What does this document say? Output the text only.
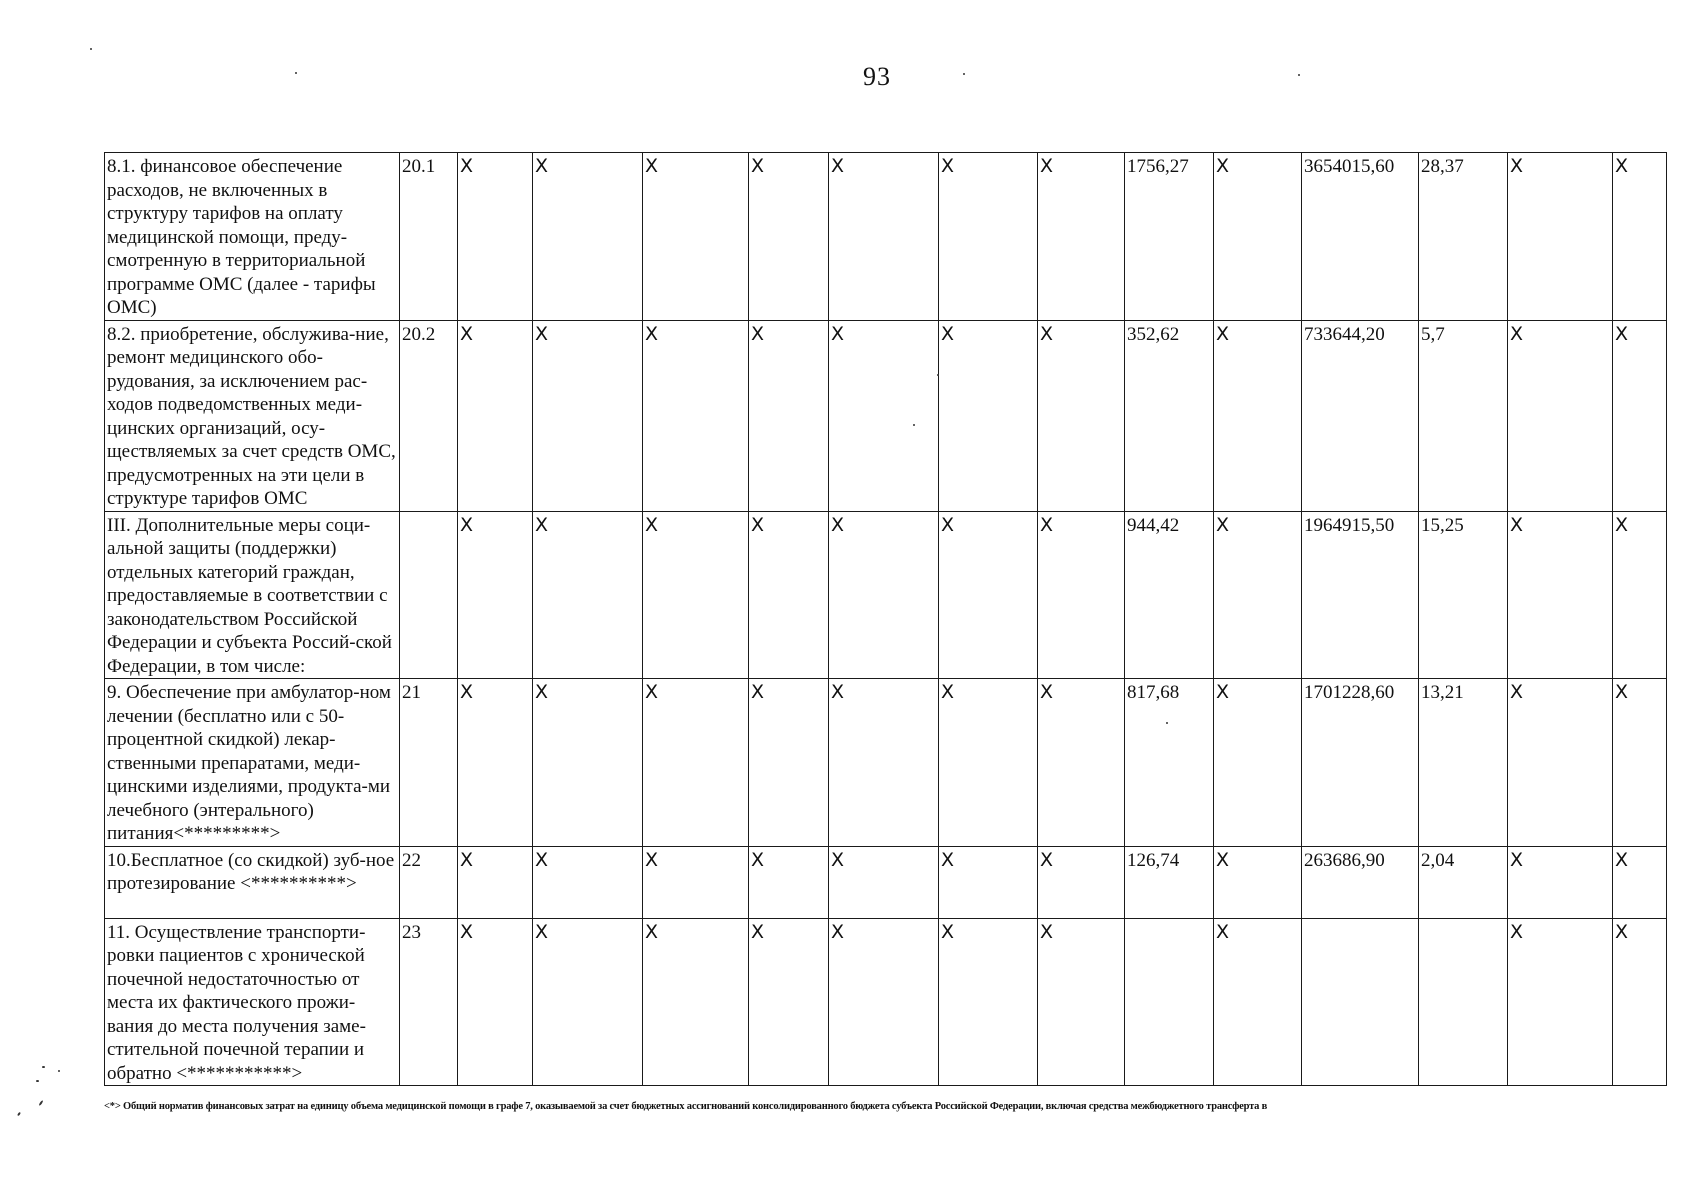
93
8.1. финансовое обеспечение расходов, не включенных в структуру тарифов на оплату медицинской помощи, преду-смотренную в территориальной программе ОМС (далее - тарифы ОМС)	20.1	X	X	X	X	X	X	X	1756,27	X	3654015,60	28,37	X	X
8.2. приобретение, обслужива-ние, ремонт медицинского обо-рудования, за исключением рас-ходов подведомственных меди-цинских организаций, осу-ществляемых за счет средств ОМС, предусмотренных на эти цели в структуре тарифов ОМС	20.2	X	X	X	X	X	X	X	352,62	X	733644,20	5,7	X	X
III. Дополнительные меры соци-альной защиты (поддержки) отдельных категорий граждан, предоставляемые в соответствии с законодательством Российской Федерации и субъекта Россий-ской Федерации, в том числе:		X	X	X	X	X	X	X	944,42	X	1964915,50	15,25	X	X
9. Обеспечение при амбулатор-ном лечении (бесплатно или с 50- процентной скидкой) лекар-ственными препаратами, меди-цинскими изделиями, продукта-ми лечебного (энтерального) питания<*********>	21	X	X	X	X	X	X	X	817,68	X	1701228,60	13,21	X	X
10.Бесплатное (со скидкой) зуб-ное протезирование <**********>	22	X	X	X	X	X	X	X	126,74	X	263686,90	2,04	X	X
11. Осуществление транспорти-ровки пациентов с хронической почечной недостаточностью от места их фактического прожи-вания до места получения заме-стительной почечной терапии и обратно <***********>	23	X	X	X	X	X	X	X		X			X	X
<*> Общий норматив финансовых затрат на единицу объема медицинской помощи в графе 7, оказываемой за счет бюджетных ассигнований консолидированного бюджета субъекта Российской Федерации, включая средства межбюджетного трансферта в
